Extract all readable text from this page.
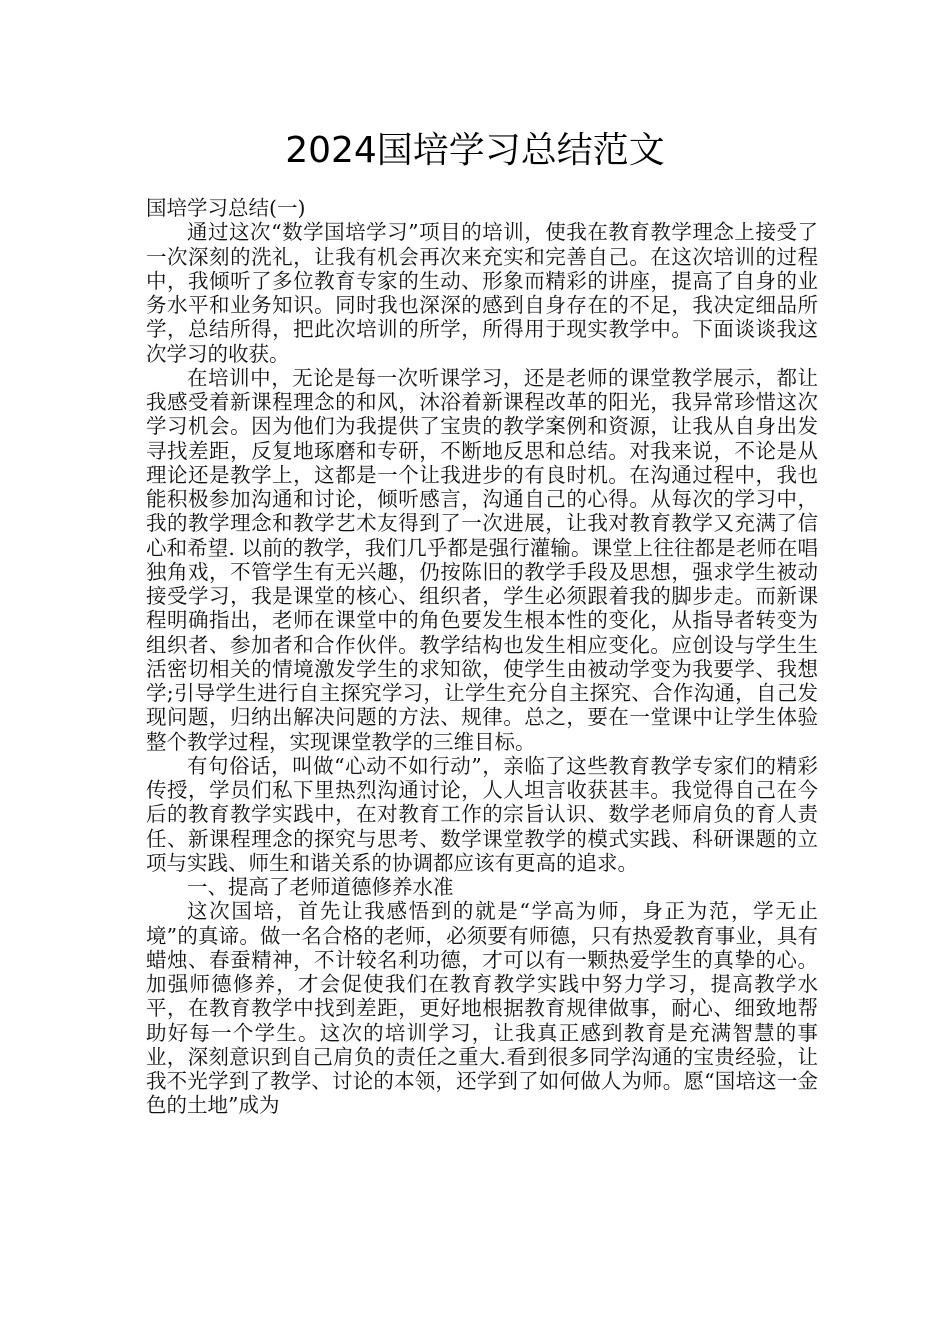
2024国培学习总结范文

国培学习总结(一)

通过这次“数学国培学习”项目的培训，使我在教育教学理念上接受了一次深刻的洗礼，让我有机会再次来充实和完善自己。在这次培训的过程中，我倾听了多位教育专家的生动、形象而精彩的讲座，提高了自身的业务水平和业务知识。同时我也深深的感到自身存在的不足，我决定细品所学，总结所得，把此次培训的所学，所得用于现实教学中。下面谈谈我这次学习的收获。

在培训中，无论是每一次听课学习，还是老师的课堂教学展示，都让我感受着新课程理念的和风，沐浴着新课程改革的阳光，我异常珍惜这次学习机会。因为他们为我提供了宝贵的教学案例和资源，让我从自身出发寻找差距，反复地琢磨和专研，不断地反思和总结。对我来说，不论是从理论还是教学上，这都是一个让我进步的有良时机。在沟通过程中，我也能积极参加沟通和讨论，倾听感言，沟通自己的心得。从每次的学习中，我的教学理念和教学艺术友得到了一次进展，让我对教育教学又充满了信心和希望. 以前的教学，我们几乎都是强行灌输。课堂上往往都是老师在唱独角戏，不管学生有无兴趣，仍按陈旧的教学手段及思想，强求学生被动接受学习，我是课堂的核心、组织者，学生必须跟着我的脚步走。而新课程明确指出，老师在课堂中的角色要发生根本性的变化，从指导者转变为组织者、参加者和合作伙伴。教学结构也发生相应变化。应创设与学生生活密切相关的情境激发学生的求知欲，使学生由被动学变为我要学、我想学;引导学生进行自主探究学习，让学生充分自主探究、合作沟通，自己发现问题，归纳出解决问题的方法、规律。总之，要在一堂课中让学生体验整个教学过程，实现课堂教学的三维目标。

有句俗话，叫做“心动不如行动”，亲临了这些教育教学专家们的精彩传授，学员们私下里热烈沟通讨论，人人坦言收获甚丰。我觉得自己在今后的教育教学实践中，在对教育工作的宗旨认识、数学老师肩负的育人责任、新课程理念的探究与思考、数学课堂教学的模式实践、科研课题的立项与实践、师生和谐关系的协调都应该有更高的追求。

一、提高了老师道德修养水准

这次国培，首先让我感悟到的就是“学高为师，身正为范，学无止境”的真谛。做一名合格的老师，必须要有师德，只有热爱教育事业，具有蜡烛、春蚕精神，不计较名利功德，才可以有一颗热爱学生的真挚的心。加强师德修养，才会促使我们在教育教学实践中努力学习，提高教学水平，在教育教学中找到差距，更好地根据教育规律做事，耐心、细致地帮助好每一个学生。这次的培训学习，让我真正感到教育是充满智慧的事业，深刻意识到自己肩负的责任之重大.看到很多同学沟通的宝贵经验，让我不光学到了教学、讨论的本领，还学到了如何做人为师。愿“国培这一金色的土地”成为
